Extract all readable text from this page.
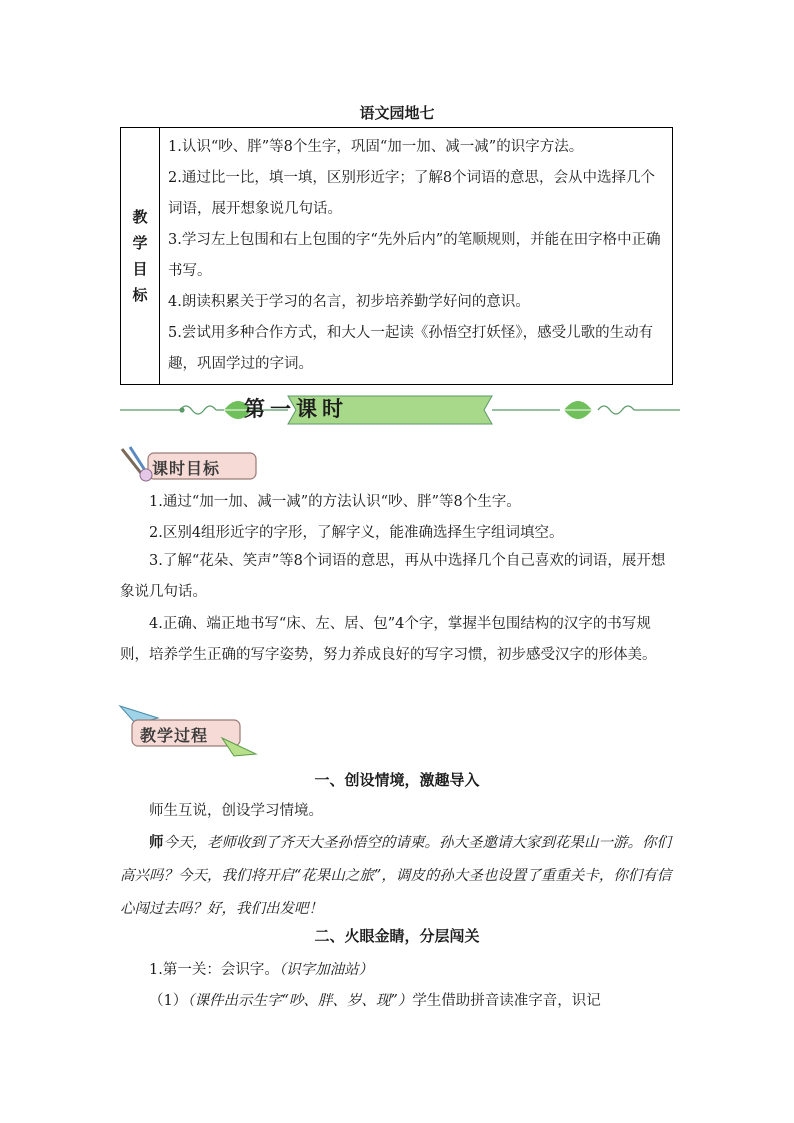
语文园地七
教
学
目
标

1.认识“吵、胖”等8个生字，巩固“加一加、减一减”的识字方法。

2.通过比一比，填一填，区别形近字；了解8个词语的意思，会从中选择几个词语，展开想象说几句话。

3.学习左上包围和右上包围的字“先外后内”的笔顺规则，并能在田字格中正确书写。

4.朗读积累关于学习的名言，初步培养勤学好问的意识。

5.尝试用多种合作方式，和大人一起读《孙悟空打妖怪》，感受儿歌的生动有趣，巩固学过的字词。

第一课时
课时目标
1.通过“加一加、减一减”的方法认识“吵、胖”等8个生字。
2.区别4组形近字的字形，了解字义，能准确选择生字组词填空。
3.了解“花朵、笑声”等8个词语的意思，再从中选择几个自己喜欢的词语，展开想象说几句话。
4.正确、端正地书写“床、左、居、包”4个字，掌握半包围结构的汉字的书写规则，培养学生正确的写字姿势，努力养成良好的写字习惯，初步感受汉字的形体美。
教学过程
一、创设情境，激趣导入
师生互说，创设学习情境。
师今天，老师收到了齐天大圣孙悟空的请柬。孙大圣邀请大家到花果山一游。你们高兴吗？今天，我们将开启“花果山之旅”，调皮的孙大圣也设置了重重关卡，你们有信心闯过去吗？好，我们出发吧！
二、火眼金睛，分层闯关
1.第一关：会识字。（识字加油站）
（1）（课件出示生字“吵、胖、岁、现”）学生借助拼音读准字音，识记
